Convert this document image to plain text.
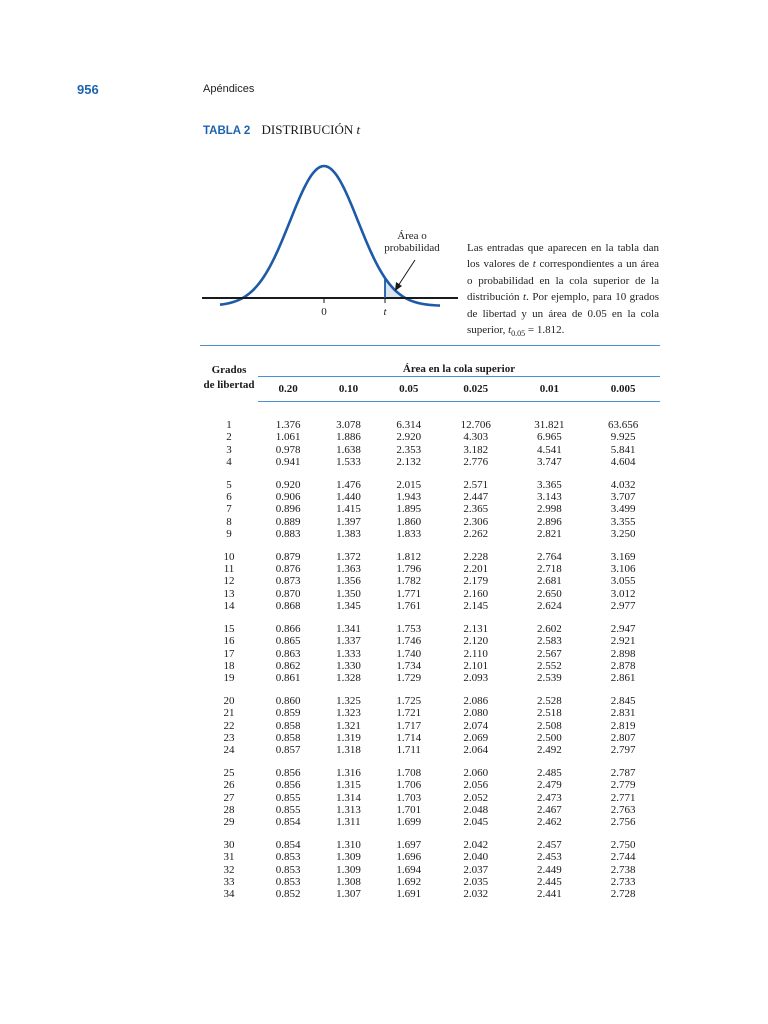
956	Apéndices
TABLA 2 DISTRIBUCIÓN t
Área o
probabilidad
0	t
Las entradas que aparecen en la tabla dan los valores de t correspondientes a un área o probabilidad en la cola superior de la distribución t. Por ejemplo, para 10 grados de libertad y un área de 0.05 en la cola superior, $t_{0.05} = 1.812$.
Grados
de libertad	Área en la cola superior					
	0.20	0.10	0.05	0.025	0.01	0.005
1	1.376	3.078	6.314	12.706	31.821	63.656
2	1.061	1.886	2.920	4.303	6.965	9.925
3	0.978	1.638	2.353	3.182	4.541	5.841
4	0.941	1.533	2.132	2.776	3.747	4.604
5	0.920	1.476	2.015	2.571	3.365	4.032
6	0.906	1.440	1.943	2.447	3.143	3.707
7	0.896	1.415	1.895	2.365	2.998	3.499
8	0.889	1.397	1.860	2.306	2.896	3.355
9	0.883	1.383	1.833	2.262	2.821	3.250
10	0.879	1.372	1.812	2.228	2.764	3.169
11	0.876	1.363	1.796	2.201	2.718	3.106
12	0.873	1.356	1.782	2.179	2.681	3.055
13	0.870	1.350	1.771	2.160	2.650	3.012
14	0.868	1.345	1.761	2.145	2.624	2.977
15	0.866	1.341	1.753	2.131	2.602	2.947
16	0.865	1.337	1.746	2.120	2.583	2.921
17	0.863	1.333	1.740	2.110	2.567	2.898
18	0.862	1.330	1.734	2.101	2.552	2.878
19	0.861	1.328	1.729	2.093	2.539	2.861
20	0.860	1.325	1.725	2.086	2.528	2.845
21	0.859	1.323	1.721	2.080	2.518	2.831
22	0.858	1.321	1.717	2.074	2.508	2.819
23	0.858	1.319	1.714	2.069	2.500	2.807
24	0.857	1.318	1.711	2.064	2.492	2.797
25	0.856	1.316	1.708	2.060	2.485	2.787
26	0.856	1.315	1.706	2.056	2.479	2.779
27	0.855	1.314	1.703	2.052	2.473	2.771
28	0.855	1.313	1.701	2.048	2.467	2.763
29	0.854	1.311	1.699	2.045	2.462	2.756
30	0.854	1.310	1.697	2.042	2.457	2.750
31	0.853	1.309	1.696	2.040	2.453	2.744
32	0.853	1.309	1.694	2.037	2.449	2.738
33	0.853	1.308	1.692	2.035	2.445	2.733
34	0.852	1.307	1.691	2.032	2.441	2.728
